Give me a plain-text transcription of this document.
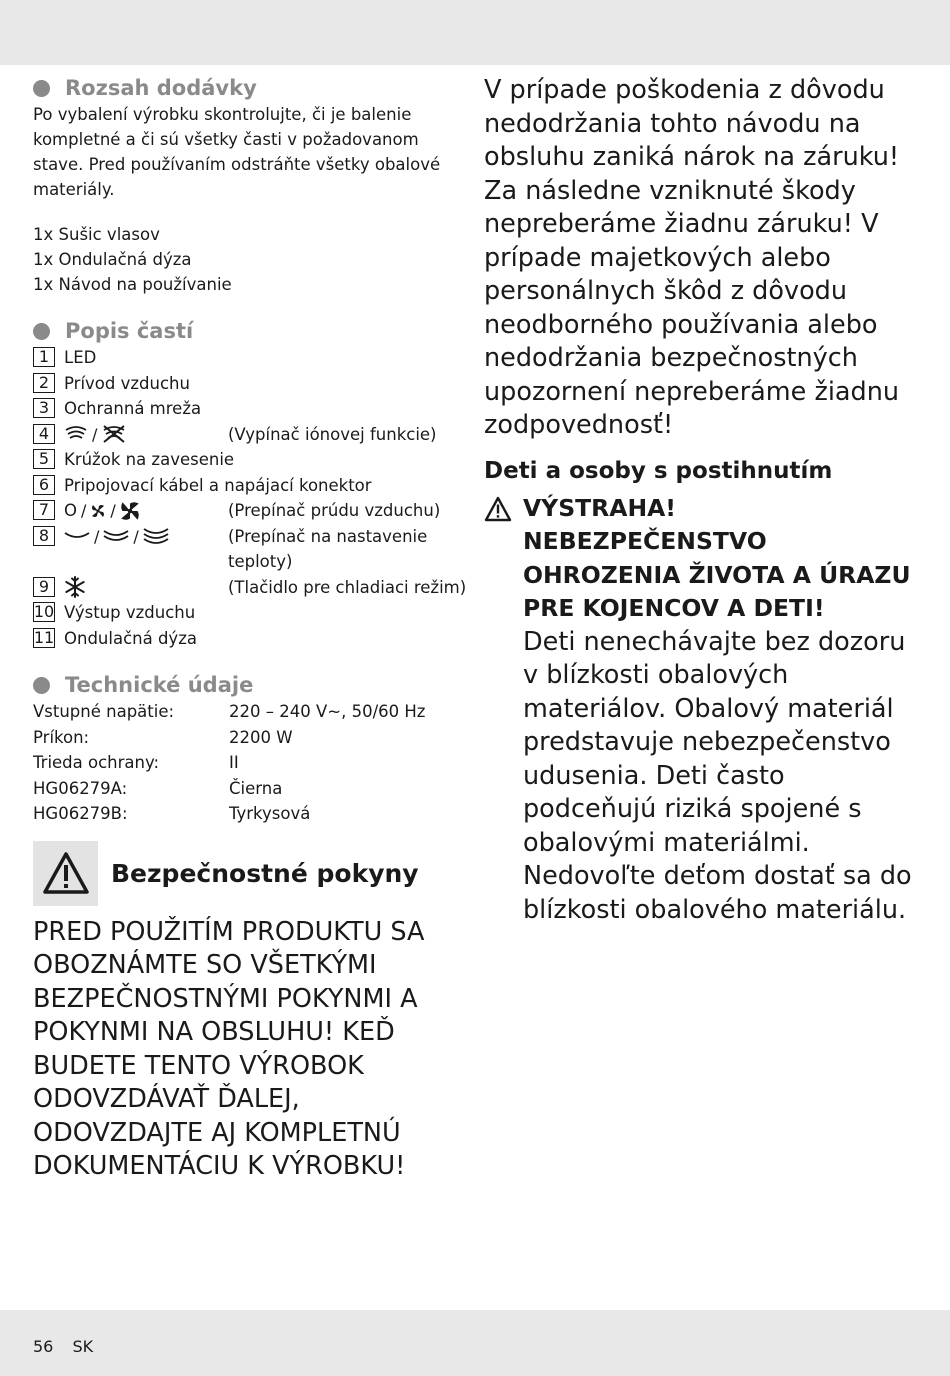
Rozsah dodávky
Po vybalení výrobku skontrolujte, či je balenie kompletné a či sú všetky časti v požadovanom stave. Pred používaním odstráňte všetky obalové materiály.
1x Sušic vlasov
1x Ondulačná dýza
1x Návod na používanie
Popis častí
1 LED
2 Prívod vzduchu
3 Ochranná mreža
4	/	(Vypínač iónovej funkcie)
5 Krúžok na zavesenie
6 Pripojovací kábel a napájací konektor
7 O / /	(Prepínač prúdu vzduchu)
8	/ /	(Prepínač na nastavenie teploty)
9	(Tlačidlo pre chladiaci režim)
10 Výstup vzduchu
11 Ondulačná dýza
Technické údaje
Vstupné napätie:	220 – 240 V~, 50/60 Hz
Príkon:	2200 W
Trieda ochrany:	II
HG06279A:	Čierna
HG06279B:	Tyrkysová
Bezpečnostné pokyny
PRED POUŽITÍM PRODUKTU SA OBOZNÁMTE SO VŠETKÝMI BEZPEČNOSTNÝMI POKYNMI A POKYNMI NA OBSLUHU! KEĎ BUDETE TENTO VÝROBOK ODOVZDÁVAŤ ĎALEJ, ODOVZDAJTE AJ KOMPLETNÚ DOKUMENTÁCIU K VÝROBKU!
V prípade poškodenia z dôvodu nedodržania tohto návodu na obsluhu zaniká nárok na záruku! Za následne vzniknuté škody nepreberáme žiadnu záruku! V prípade majetkových alebo personálnych škôd z dôvodu neodborného používania alebo nedodržania bezpečnostných upozornení nepreberáme žiadnu zodpovednosť!
Deti a osoby s postihnutím
VÝSTRAHA! NEBEZPEČENSTVO OHROZENIA ŽIVOTA A ÚRAZU PRE KOJENCOV A DETI!
Deti nenechávajte bez dozoru v blízkosti obalových materiálov. Obalový materiál predstavuje nebezpečenstvo udusenia. Deti často podceňujú riziká spojené s obalovými materiálmi. Nedovoľte deťom dostať sa do blízkosti obalového materiálu.
56 SK
